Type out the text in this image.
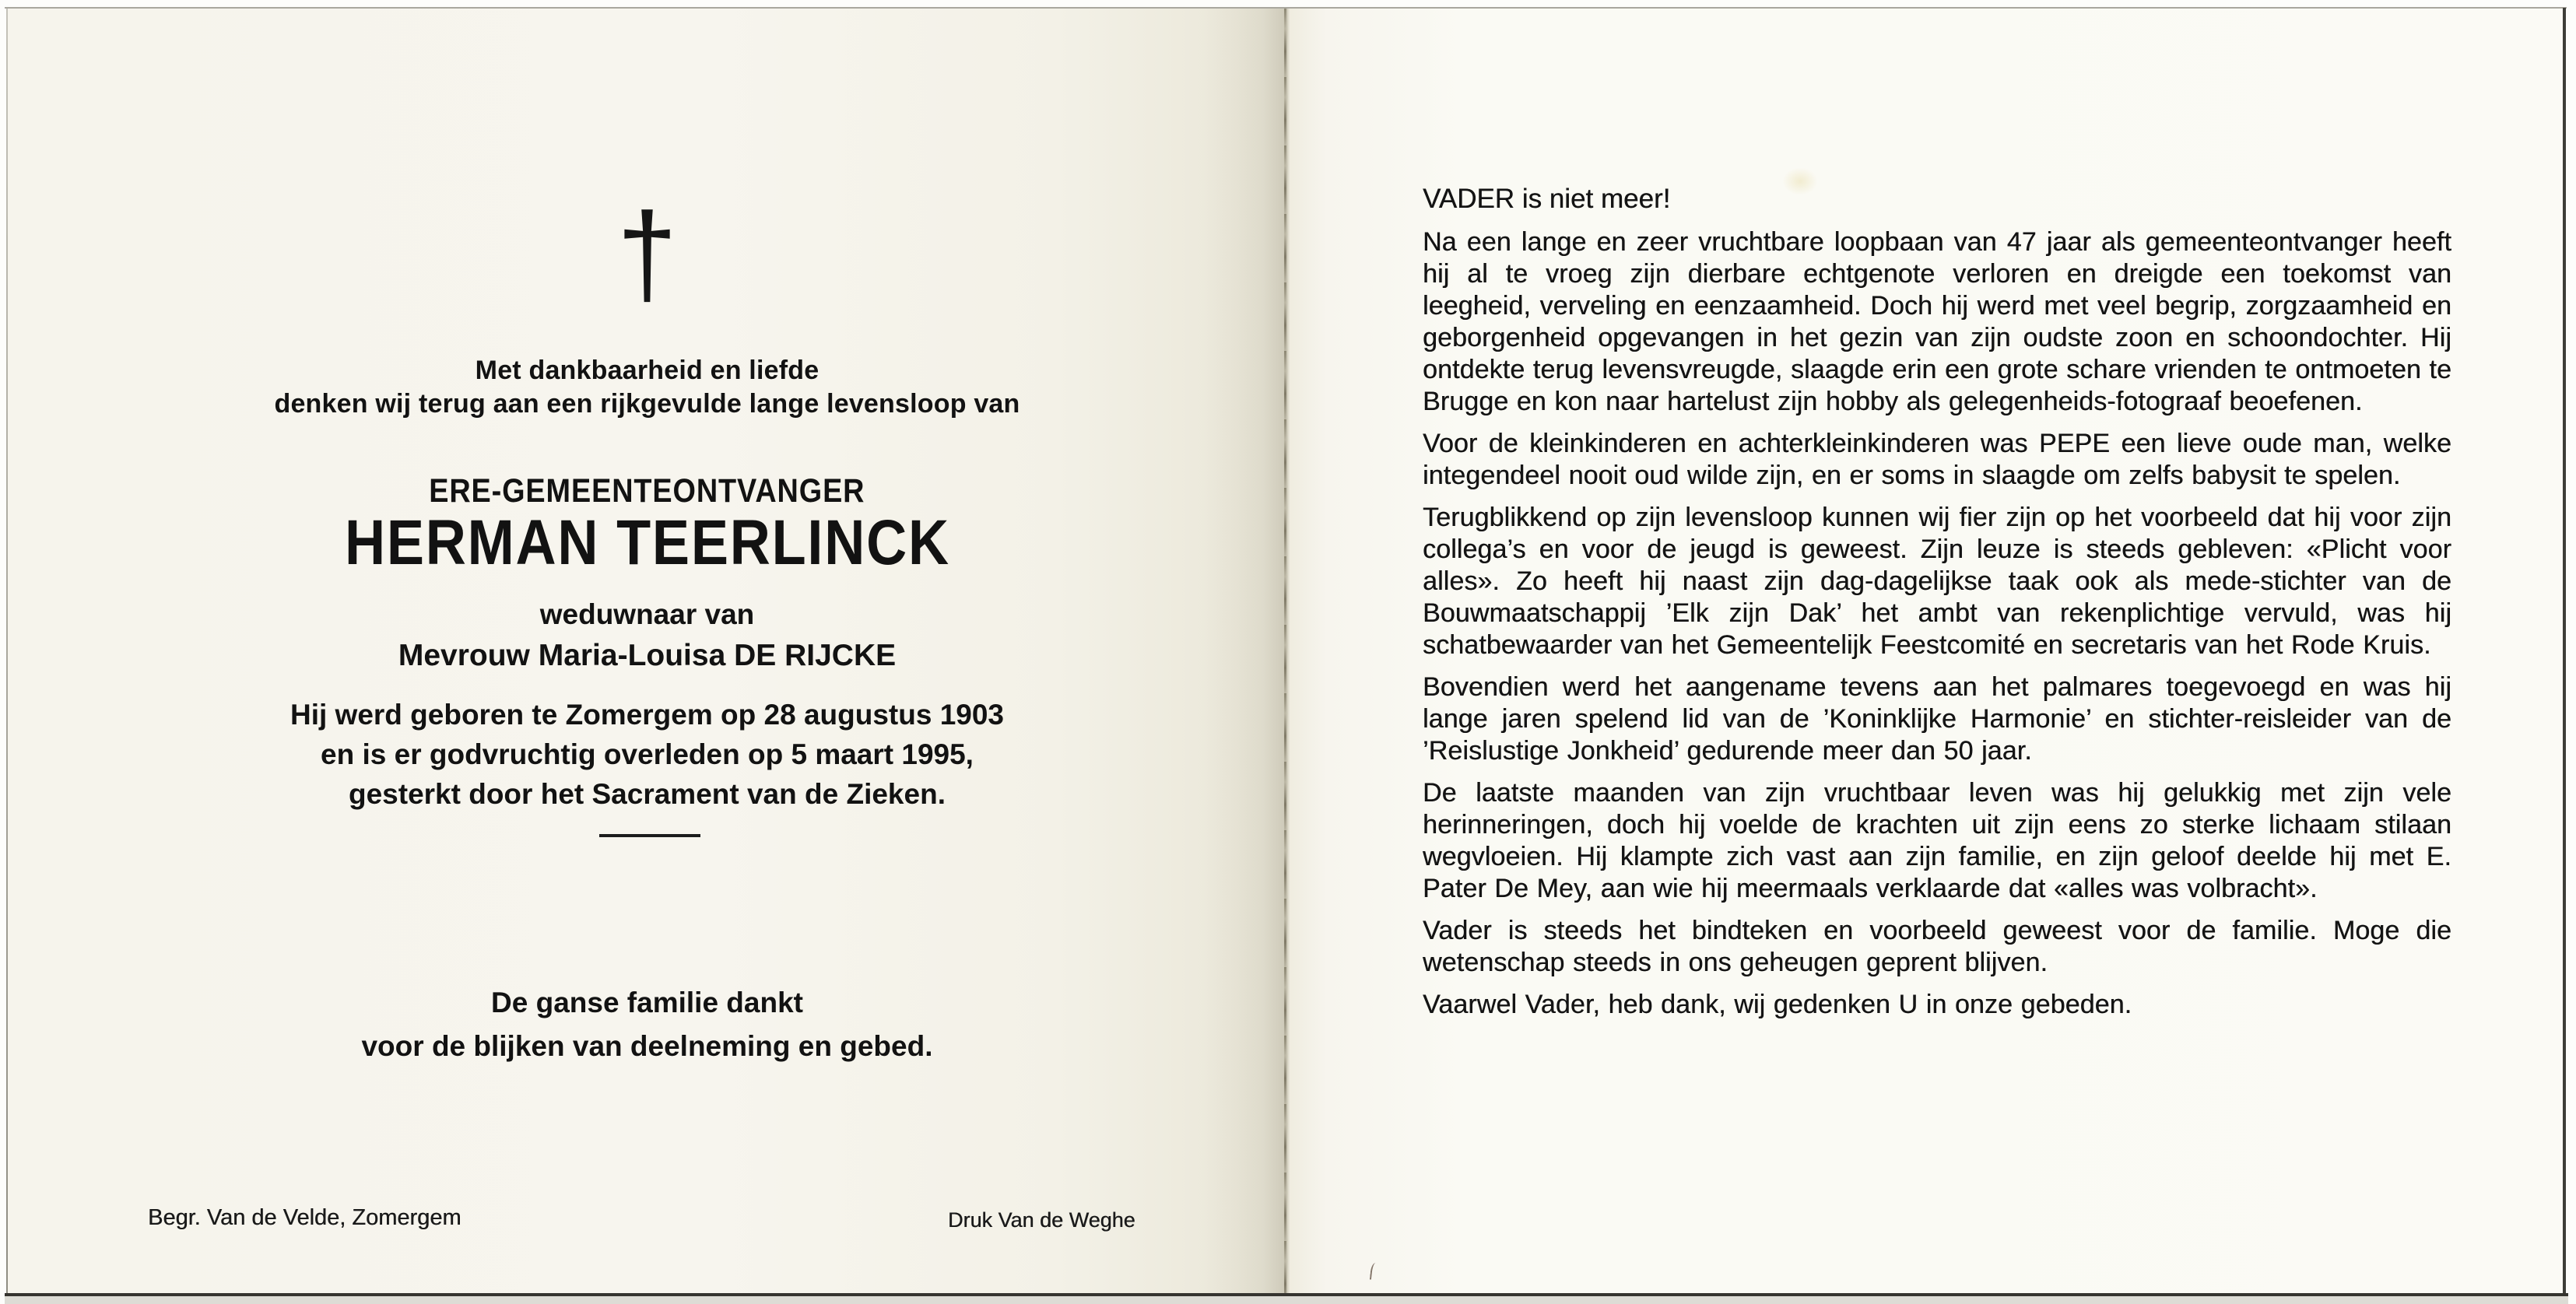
†
Met dankbaarheid en liefde
denken wij terug aan een rijkgevulde lange levensloop van
ERE-GEMEENTEONTVANGER
HERMAN TEERLINCK
weduwnaar van
Mevrouw Maria-Louisa DE RIJCKE
Hij werd geboren te Zomergem op 28 augustus 1903
en is er godvruchtig overleden op 5 maart 1995,
gesterkt door het Sacrament van de Zieken.
De ganse familie dankt
voor de blijken van deelneming en gebed.
Begr. Van de Velde, Zomergem	Druk Van de Weghe
VADER is niet meer!

Na een lange en zeer vruchtbare loopbaan van 47 jaar als gemeenteontvanger heeft hij al te vroeg zijn dierbare echtgenote verloren en dreigde een toekomst van leegheid, verveling en eenzaamheid. Doch hij werd met veel begrip, zorgzaamheid en geborgenheid opgevangen in het gezin van zijn oudste zoon en schoondochter. Hij ontdekte terug levensvreugde, slaagde erin een grote schare vrienden te ontmoeten te Brugge en kon naar hartelust zijn hobby als gelegenheids-fotograaf beoefenen.

Voor de kleinkinderen en achterkleinkinderen was PEPE een lieve oude man, welke integendeel nooit oud wilde zijn, en er soms in slaagde om zelfs babysit te spelen.

Terugblikkend op zijn levensloop kunnen wij fier zijn op het voorbeeld dat hij voor zijn collega’s en voor de jeugd is geweest. Zijn leuze is steeds gebleven: «Plicht voor alles». Zo heeft hij naast zijn dag-dagelijkse taak ook als mede-stichter van de Bouwmaatschappij ’Elk zijn Dak’ het ambt van rekenplichtige vervuld, was hij schatbewaarder van het Gemeentelijk Feestcomité en secretaris van het Rode Kruis.

Bovendien werd het aangename tevens aan het palmares toegevoegd en was hij lange jaren spelend lid van de ’Koninklijke Harmonie’ en stichter-reisleider van de ’Reislustige Jonkheid’ gedurende meer dan 50 jaar.

De laatste maanden van zijn vruchtbaar leven was hij gelukkig met zijn vele herinneringen, doch hij voelde de krachten uit zijn eens zo sterke lichaam stilaan wegvloeien. Hij klampte zich vast aan zijn familie, en zijn geloof deelde hij met E. Pater De Mey, aan wie hij meermaals verklaarde dat «alles was volbracht».

Vader is steeds het bindteken en voorbeeld geweest voor de familie. Moge die wetenschap steeds in ons geheugen geprent blijven.

Vaarwel Vader, heb dank, wij gedenken U in onze gebeden.
